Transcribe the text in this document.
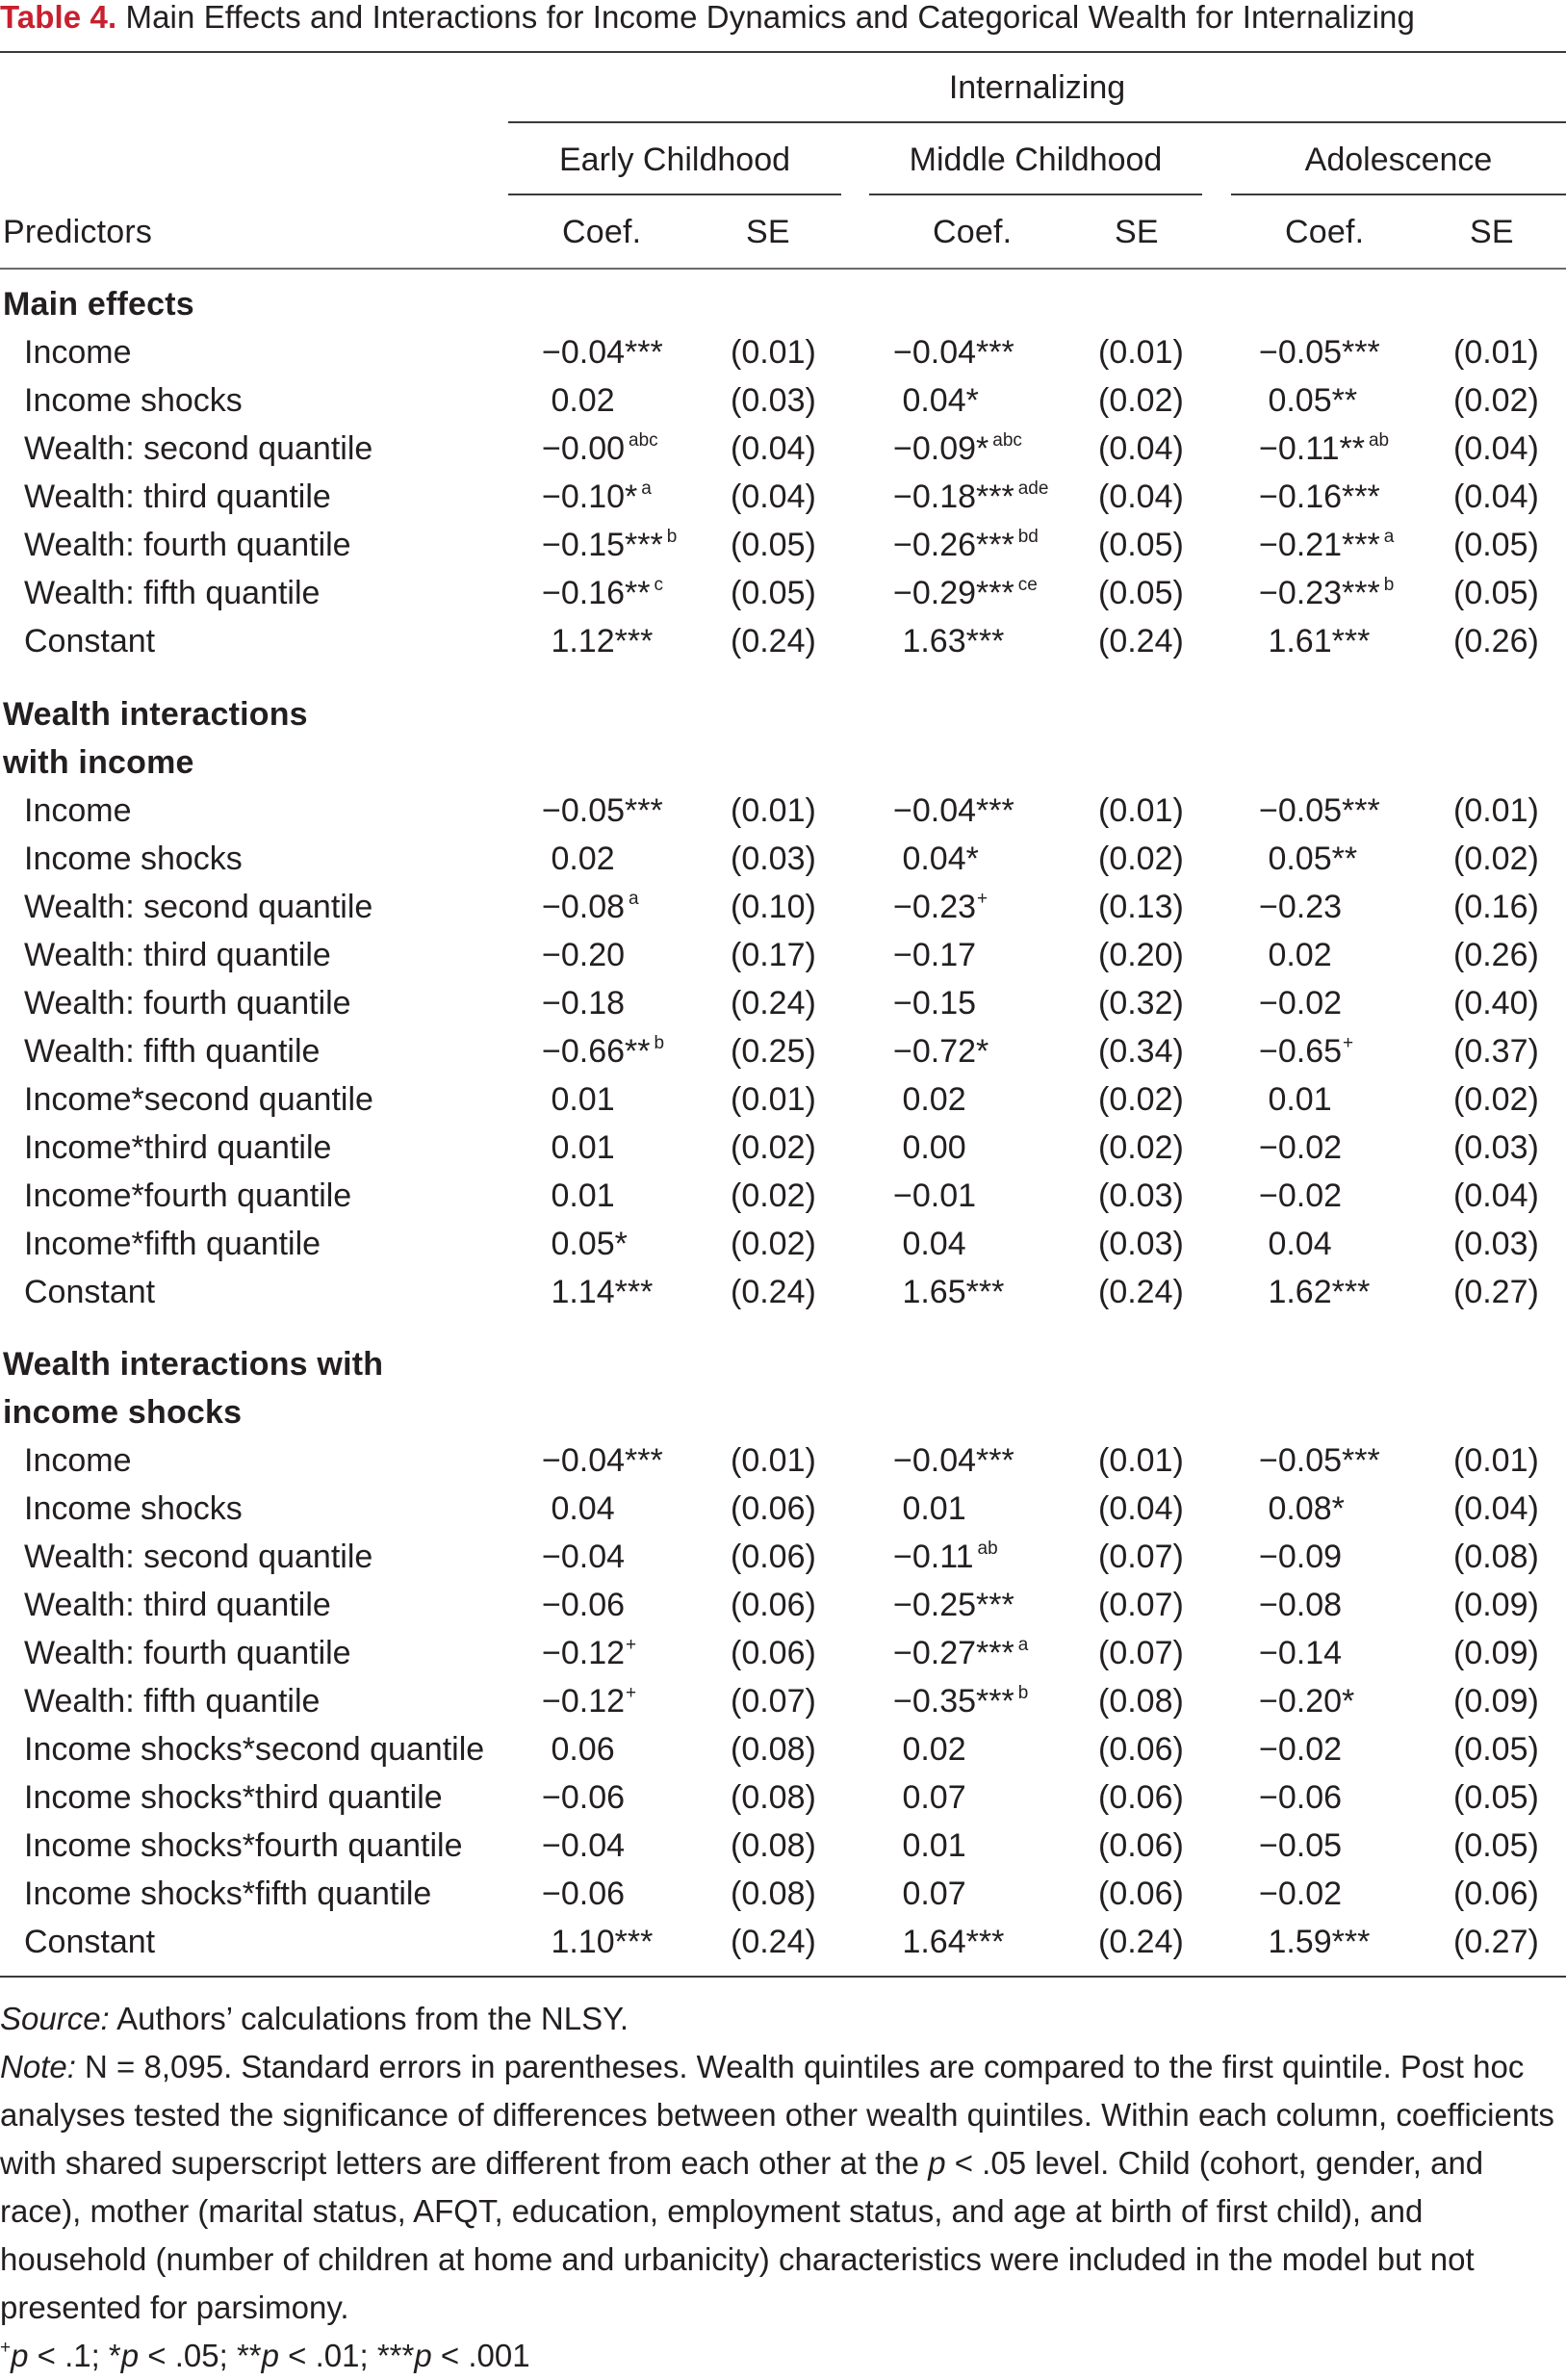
Table 4. Main Effects and Interactions for Income Dynamics and Categorical Wealth for Internalizing
Internalizing
Early Childhood	Middle Childhood	Adolescence
Predictors	Coef.	SE	Coef.	SE	Coef.	SE
Main effects
Income	−0.04*** (0.01) −0.04***	(0.01) −0.05*** (0.01)
Income shocks	0.02	(0.03) 0.04*	(0.02) 0.05**	(0.02)
Wealth: second quantile	−0.00 $^{abc}$ (0.04) −0.09* $^{abc}$ (0.04) −0.11** $^{ab}$ (0.04)
Wealth: third quantile	−0.10* $^a$ (0.04) −0.18*** $^{ade}$ (0.04) −0.16*** (0.04)
Wealth: fourth quantile	−0.15*** $^b$ (0.05) −0.26*** $^{bd}$ (0.05) −0.21*** $^a$ (0.05)
Wealth: fifth quantile	−0.16** $^c$ (0.05) −0.29*** $^{ce}$ (0.05) −0.23*** $^b$ (0.05)
Constant	1.12*** (0.24) 1.63***	(0.24) 1.61***	(0.26)
Wealth interactions
with income
Income	−0.05*** (0.01) −0.04***	(0.01) −0.05*** (0.01)
Income shocks	0.02	(0.03) 0.04*	(0.02) 0.05**	(0.02)
Wealth: second quantile	−0.08 $^a$	(0.10) −0.23+	(0.13) −0.23	(0.16)
Wealth: third quantile	−0.20	(0.17) −0.17	(0.20) 0.02	(0.26)
Wealth: fourth quantile	−0.18	(0.24) −0.15	(0.32) −0.02	(0.40)
Wealth: fifth quantile	−0.66** $^b$ (0.25) −0.72*	(0.34) −0.65+	(0.37)
Income*second quantile	0.01	(0.01) 0.02	(0.02) 0.01	(0.02)
Income*third quantile	0.01	(0.02) 0.00	(0.02) −0.02	(0.03)
Income*fourth quantile	0.01	(0.02) −0.01	(0.03) −0.02	(0.04)
Income*fifth quantile	0.05*	(0.02) 0.04	(0.03) 0.04	(0.03)
Constant	1.14*** (0.24) 1.65***	(0.24) 1.62***	(0.27)
Wealth interactions with
income shocks
Income	−0.04*** (0.01) −0.04***	(0.01) −0.05*** (0.01)
Income shocks	0.04	(0.06) 0.01	(0.04) 0.08*	(0.04)
Wealth: second quantile	−0.04	(0.06) −0.11 $^{ab}$	(0.07) −0.09	(0.08)
Wealth: third quantile	−0.06	(0.06) −0.25***	(0.07) −0.08	(0.09)
Wealth: fourth quantile	−0.12+	(0.06) −0.27*** $^a$ (0.07) −0.14	(0.09)
Wealth: fifth quantile	−0.12+	(0.07) −0.35*** $^b$ (0.08) −0.20*	(0.09)
Income shocks*second quantile 0.06	(0.08) 0.02	(0.06) −0.02	(0.05)
Income shocks*third quantile	−0.06	(0.08) 0.07	(0.06) −0.06	(0.05)
Income shocks*fourth quantile −0.04	(0.08) 0.01	(0.06) −0.05	(0.05)
Income shocks*fifth quantile	−0.06	(0.08) 0.07	(0.06) −0.02	(0.06)
Constant	1.10*** (0.24) 1.64***	(0.24) 1.59***	(0.27)

Source: Authors’ calculations from the NLSY.

Note: N = 8,095. Standard errors in parentheses. Wealth quintiles are compared to the first quintile. Post hoc analyses tested the significance of differences between other wealth quintiles. Within each column, coefficients with shared superscript letters are different from each other at the p < .05 level. Child (cohort, gender, and race), mother (marital status, AFQT, education, employment status, and age at birth of first child), and household (number of children at home and urbanicity) characteristics were included in the model but not presented for parsimony.

+p < .1; *p < .05; **p < .01; ***p < .001
